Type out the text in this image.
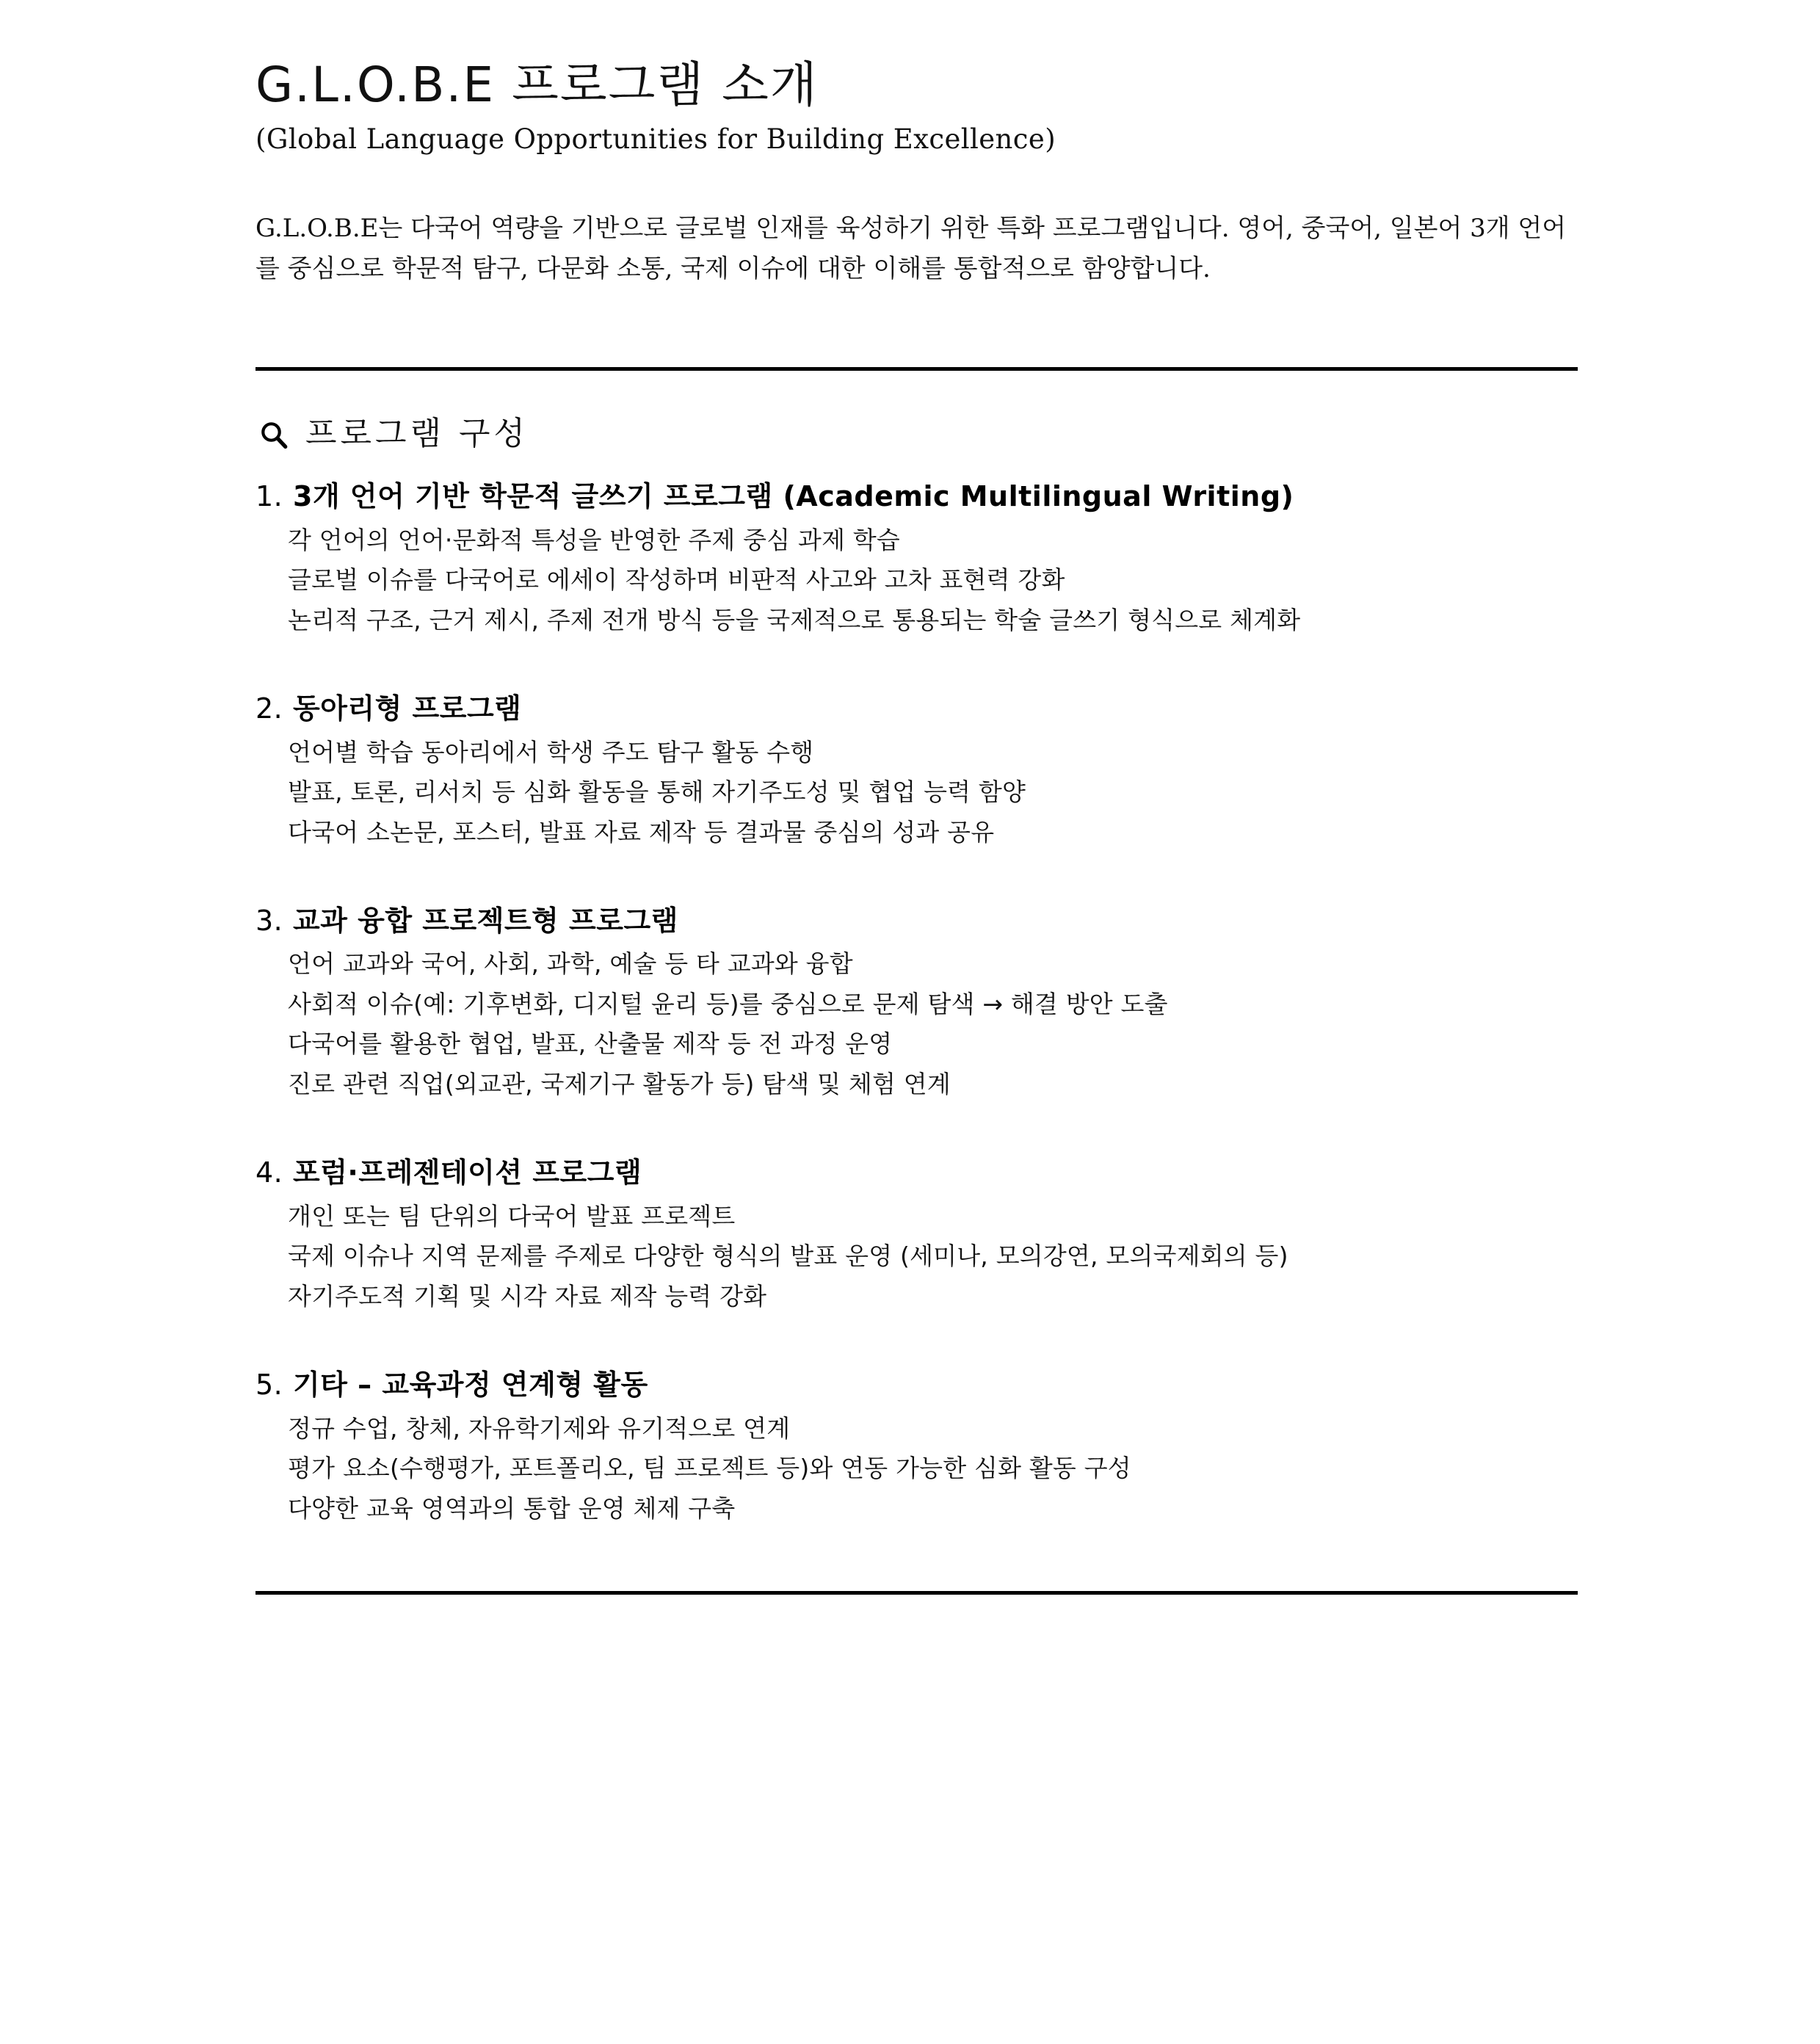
G.L.O.B.E 프로그램 소개
(Global Language Opportunities for Building Excellence)

G.L.O.B.E는 다국어 역량을 기반으로 글로벌 인재를 육성하기 위한 특화 프로그램입니다. 영어, 중국어, 일본어 3개 언어를 중심으로 학문적 탐구, 다문화 소통, 국제 이슈에 대한 이해를 통합적으로 함양합니다.

프로그램 구성
1. 3개 언어 기반 학문적 글쓰기 프로그램 (Academic Multilingual Writing)
각 언어의 언어·문화적 특성을 반영한 주제 중심 과제 학습
글로벌 이슈를 다국어로 에세이 작성하며 비판적 사고와 고차 표현력 강화
논리적 구조, 근거 제시, 주제 전개 방식 등을 국제적으로 통용되는 학술 글쓰기 형식으로 체계화
2. 동아리형 프로그램
언어별 학습 동아리에서 학생 주도 탐구 활동 수행
발표, 토론, 리서치 등 심화 활동을 통해 자기주도성 및 협업 능력 함양
다국어 소논문, 포스터, 발표 자료 제작 등 결과물 중심의 성과 공유
3. 교과 융합 프로젝트형 프로그램
언어 교과와 국어, 사회, 과학, 예술 등 타 교과와 융합
사회적 이슈(예: 기후변화, 디지털 윤리 등)를 중심으로 문제 탐색 → 해결 방안 도출
다국어를 활용한 협업, 발표, 산출물 제작 등 전 과정 운영
진로 관련 직업(외교관, 국제기구 활동가 등) 탐색 및 체험 연계
4. 포럼·프레젠테이션 프로그램
개인 또는 팀 단위의 다국어 발표 프로젝트
국제 이슈나 지역 문제를 주제로 다양한 형식의 발표 운영 (세미나, 모의강연, 모의국제회의 등)
자기주도적 기획 및 시각 자료 제작 능력 강화
5. 기타 – 교육과정 연계형 활동
정규 수업, 창체, 자유학기제와 유기적으로 연계
평가 요소(수행평가, 포트폴리오, 팀 프로젝트 등)와 연동 가능한 심화 활동 구성
다양한 교육 영역과의 통합 운영 체제 구축
